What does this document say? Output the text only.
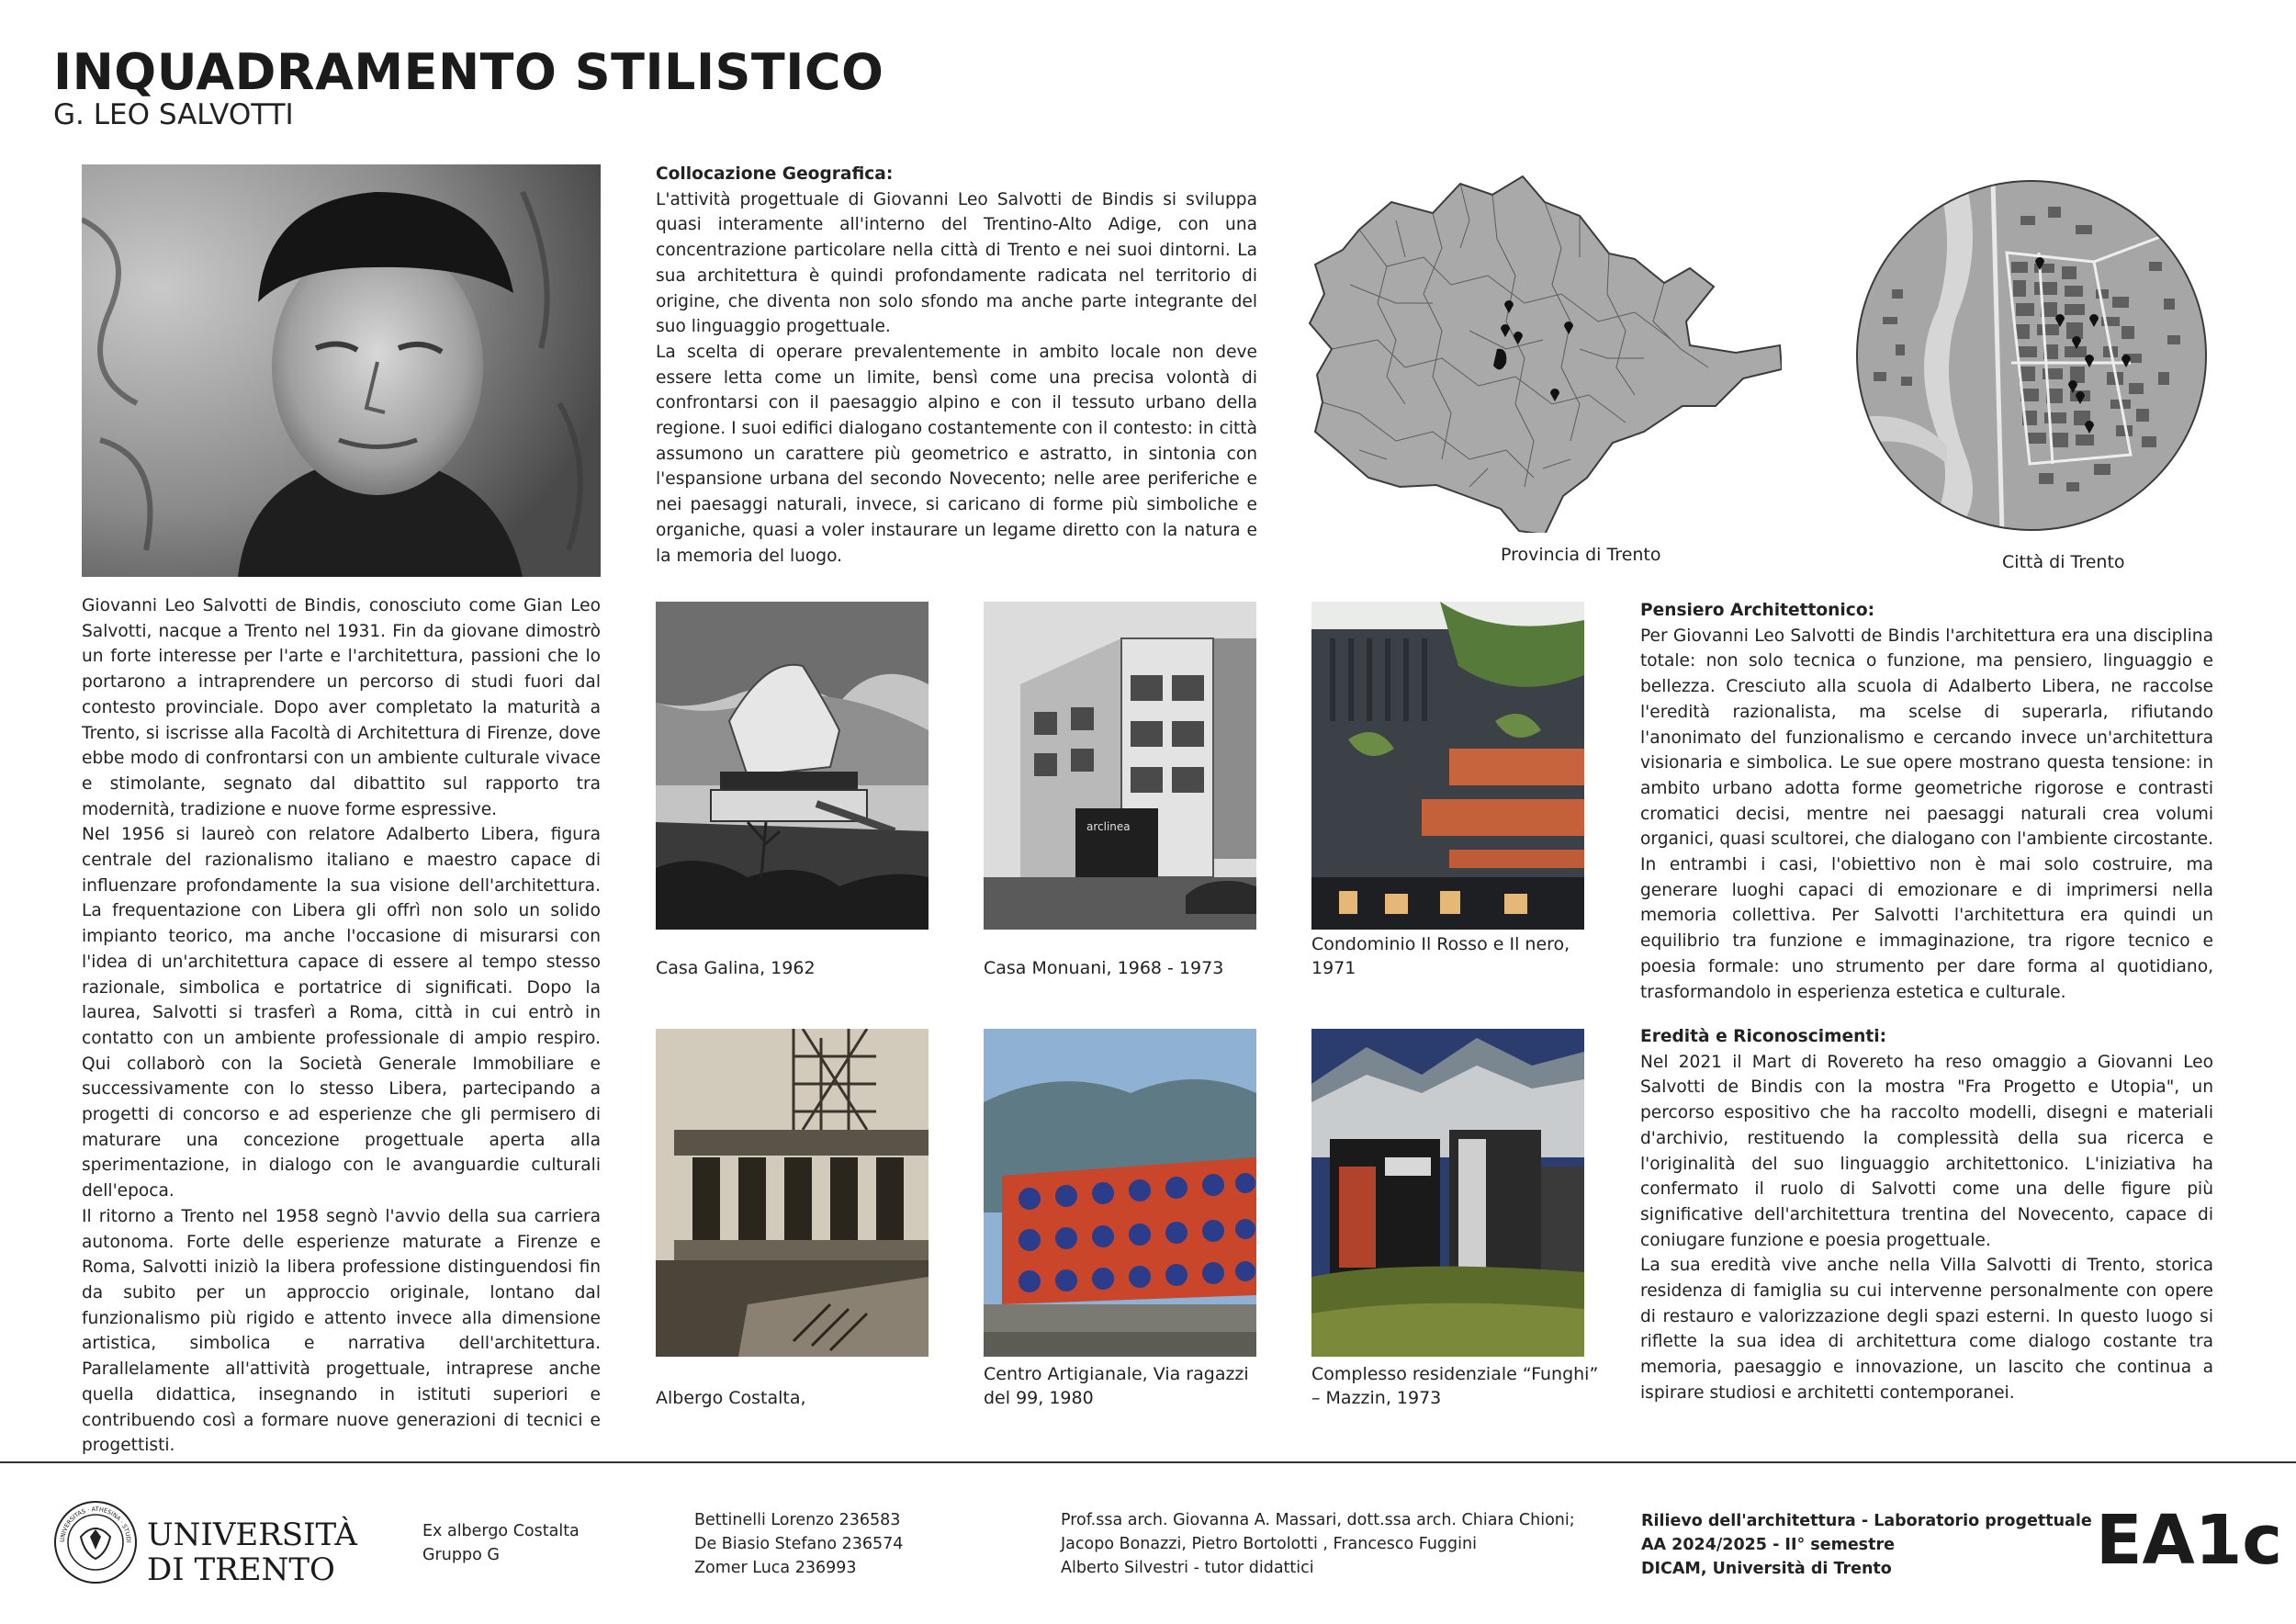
INQUADRAMENTO STILISTICO
G. LEO SALVOTTI
Giovanni Leo Salvotti de Bindis, conosciuto come Gian Leo Salvotti, nacque a Trento nel 1931. Fin da giovane dimostrò un forte interesse per l'arte e l'architettura, passioni che lo portarono a intraprendere un percorso di studi fuori dal contesto provinciale. Dopo aver completato la maturità a Trento, si iscrisse alla Facoltà di Architettura di Firenze, dove ebbe modo di confrontarsi con un ambiente culturale vivace e stimolante, segnato dal dibattito sul rapporto tra modernità, tradizione e nuove forme espressive.
Nel 1956 si laureò con relatore Adalberto Libera, figura centrale del razionalismo italiano e maestro capace di influenzare profondamente la sua visione dell'architettura. La frequentazione con Libera gli offrì non solo un solido impianto teorico, ma anche l'occasione di misurarsi con l'idea di un'architettura capace di essere al tempo stesso razionale, simbolica e portatrice di significati. Dopo la laurea, Salvotti si trasferì a Roma, città in cui entrò in contatto con un ambiente professionale di ampio respiro. Qui collaborò con la Società Generale Immobiliare e successivamente con lo stesso Libera, partecipando a progetti di concorso e ad esperienze che gli permisero di maturare una concezione progettuale aperta alla sperimentazione, in dialogo con le avanguardie culturali dell'epoca.
Il ritorno a Trento nel 1958 segnò l'avvio della sua carriera autonoma. Forte delle esperienze maturate a Firenze e Roma, Salvotti iniziò la libera professione distinguendosi fin da subito per un approccio originale, lontano dal funzionalismo più rigido e attento invece alla dimensione artistica, simbolica e narrativa dell'architettura. Parallelamente all'attività progettuale, intraprese anche quella didattica, insegnando in istituti superiori e contribuendo così a formare nuove generazioni di tecnici e progettisti.
Collocazione Geografica:
L'attività progettuale di Giovanni Leo Salvotti de Bindis si sviluppa quasi interamente all'interno del Trentino-Alto Adige, con una concentrazione particolare nella città di Trento e nei suoi dintorni. La sua architettura è quindi profondamente radicata nel territorio di origine, che diventa non solo sfondo ma anche parte integrante del suo linguaggio progettuale.
La scelta di operare prevalentemente in ambito locale non deve essere letta come un limite, bensì come una precisa volontà di confrontarsi con il paesaggio alpino e con il tessuto urbano della regione. I suoi edifici dialogano costantemente con il contesto: in città assumono un carattere più geometrico e astratto, in sintonia con l'espansione urbana del secondo Novecento; nelle aree periferiche e nei paesaggi naturali, invece, si caricano di forme più simboliche e organiche, quasi a voler instaurare un legame diretto con la natura e la memoria del luogo.	Provincia di Trento	Città di Trento
arclinea
Casa Galina, 1962	Casa Monuani, 1968 - 1973
Condominio Il Rosso e Il nero, 1971
Albergo Costalta,
Centro Artigianale, Via ragazzi del 99, 1980
Complesso residenziale “Funghi” – Mazzin, 1973
Pensiero Architettonico:
Per Giovanni Leo Salvotti de Bindis l'architettura era una disciplina totale: non solo tecnica o funzione, ma pensiero, linguaggio e bellezza. Cresciuto alla scuola di Adalberto Libera, ne raccolse l'eredità razionalista, ma scelse di superarla, rifiutando l'anonimato del funzionalismo e cercando invece un'architettura visionaria e simbolica. Le sue opere mostrano questa tensione: in ambito urbano adotta forme geometriche rigorose e contrasti cromatici decisi, mentre nei paesaggi naturali crea volumi organici, quasi scultorei, che dialogano con l'ambiente circostante. In entrambi i casi, l'obiettivo non è mai solo costruire, ma generare luoghi capaci di emozionare e di imprimersi nella memoria collettiva. Per Salvotti l'architettura era quindi un equilibrio tra funzione e immaginazione, tra rigore tecnico e poesia formale: uno strumento per dare forma al quotidiano, trasformandolo in esperienza estetica e culturale.
Eredità e Riconoscimenti:
Nel 2021 il Mart di Rovereto ha reso omaggio a Giovanni Leo Salvotti de Bindis con la mostra "Fra Progetto e Utopia", un percorso espositivo che ha raccolto modelli, disegni e materiali d'archivio, restituendo la complessità della sua ricerca e l'originalità del suo linguaggio architettonico. L'iniziativa ha confermato il ruolo di Salvotti come una delle figure più significative dell'architettura trentina del Novecento, capace di coniugare funzione e poesia progettuale.
La sua eredità vive anche nella Villa Salvotti di Trento, storica residenza di famiglia su cui intervenne personalmente con opere di restauro e valorizzazione degli spazi esterni. In questo luogo si riflette la sua idea di architettura come dialogo costante tra memoria, paesaggio e innovazione, un lascito che continua a ispirare studiosi e architetti contemporanei.
UNIVERSITAS · ATHESINA · STUDI UNIVERSITÀ
DI TRENTO
Ex albergo Costalta
Gruppo G
Bettinelli Lorenzo 236583
De Biasio Stefano 236574
Zomer Luca 236993
Prof.ssa arch. Giovanna A. Massari, dott.ssa arch. Chiara Chioni;
Jacopo Bonazzi, Pietro Bortolotti , Francesco Fuggini
Alberto Silvestri - tutor didattici
Rilievo dell'architettura - Laboratorio progettuale
AA 2024/2025 - II° semestre
DICAM, Università di Trento	EA1c
